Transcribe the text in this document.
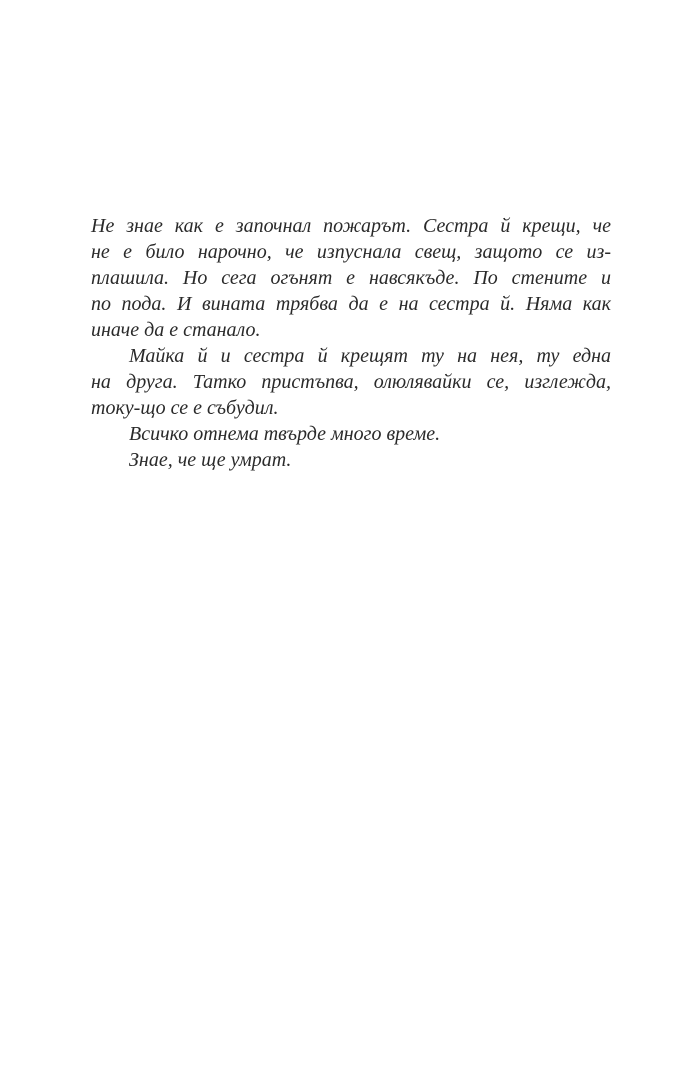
Не знае как е започнал пожарът. Сестра й крещи, че
не е било нарочно, че изпуснала свещ, защото се из-
плашила. Но сега огънят е навсякъде. По стените и
по пода. И вината трябва да е на сестра й. Няма как
иначе да е станало.
Майка й и сестра й крещят ту на нея, ту една
на друга. Татко пристъпва, олюлявайки се, изглежда,
току-що се е събудил.
Всичко отнема твърде много време.
Знае, че ще умрат.
